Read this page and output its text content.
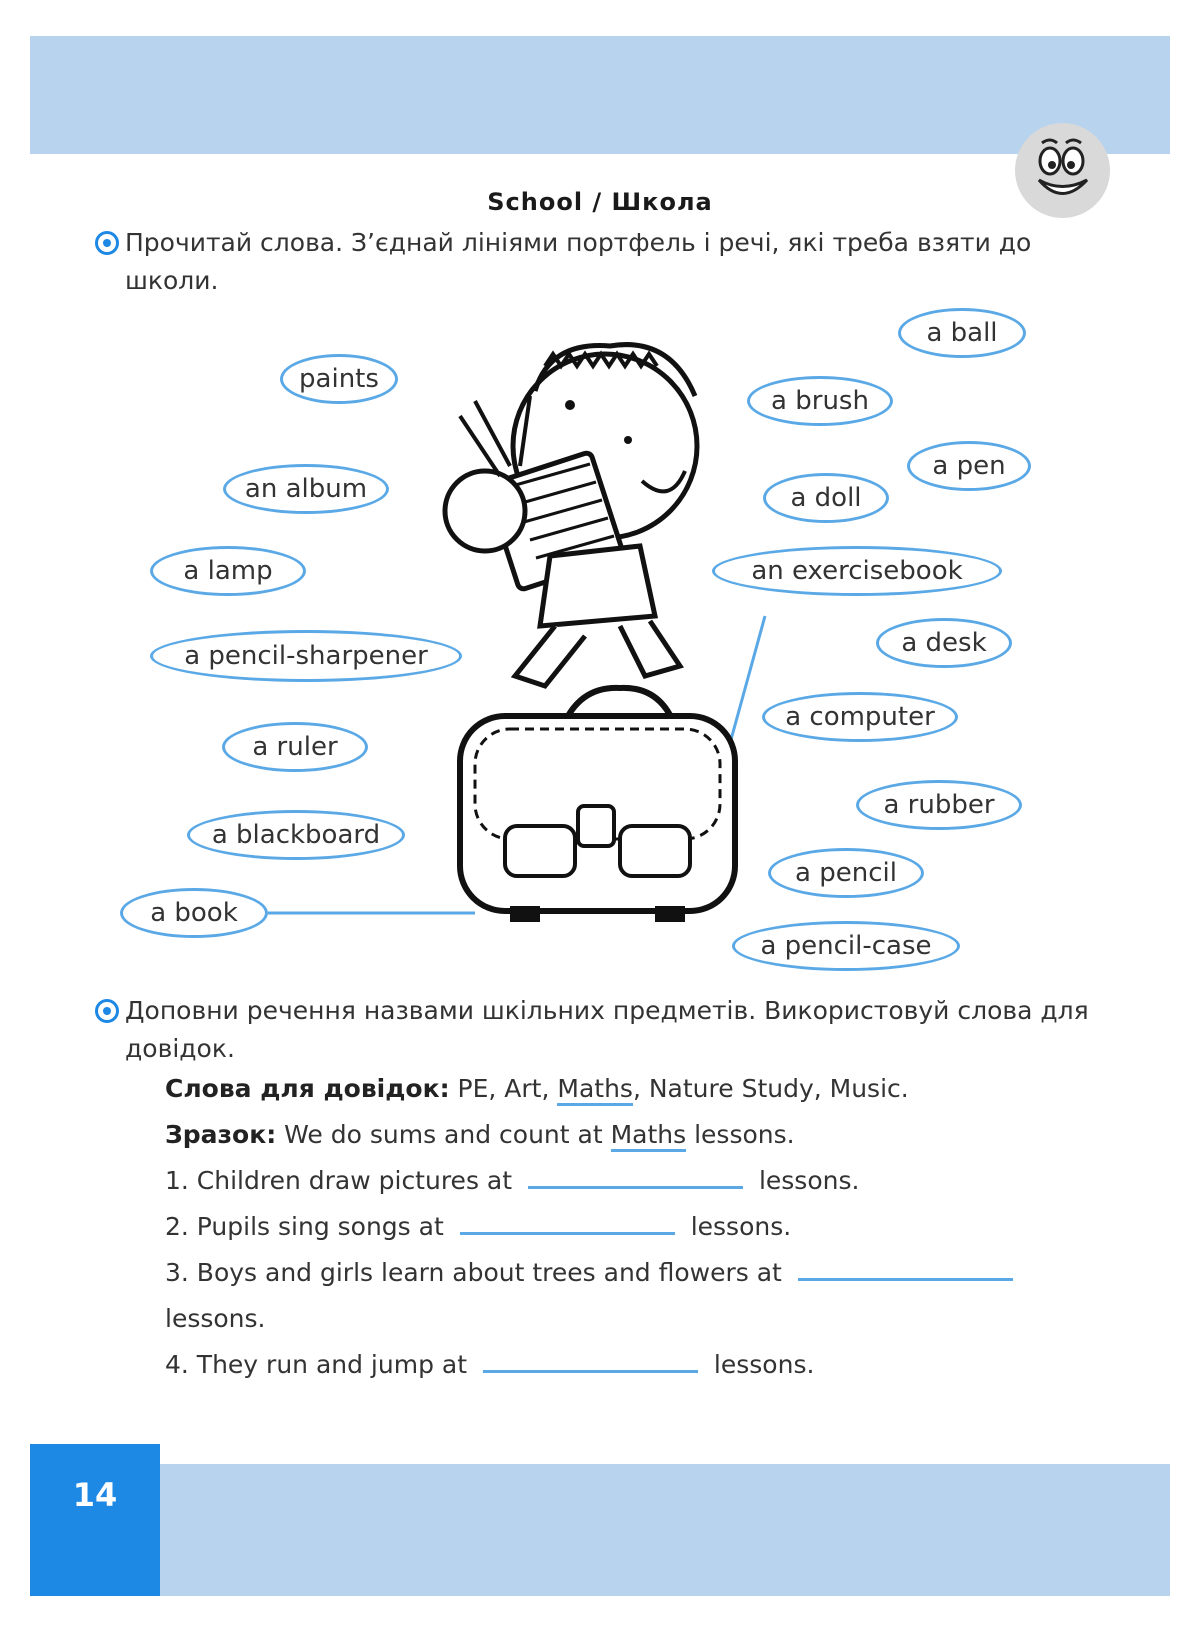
School / Школа
Прочитай слова. З’єднай лініями портфель і речі, які треба взяти до школи.
a ball
paints
a brush
a pen
an album	a doll
a lamp	an exercisebook
a pencil-sharpener	a desk
a ruler
a computer
a rubber
a blackboard
a pencil
a book
a pencil-case
Доповни речення назвами шкільних предметів. Використовуй слова для довідок.
Слова для довідок: PE, Art, Maths, Nature Study, Music.
Зразок: We do sums and count at Maths lessons.
1. Children draw pictures at	lessons.
2. Pupils sing songs at	lessons.
3. Boys and girls learn about trees and flowers at
lessons.
4. They run and jump at	lessons.
14
